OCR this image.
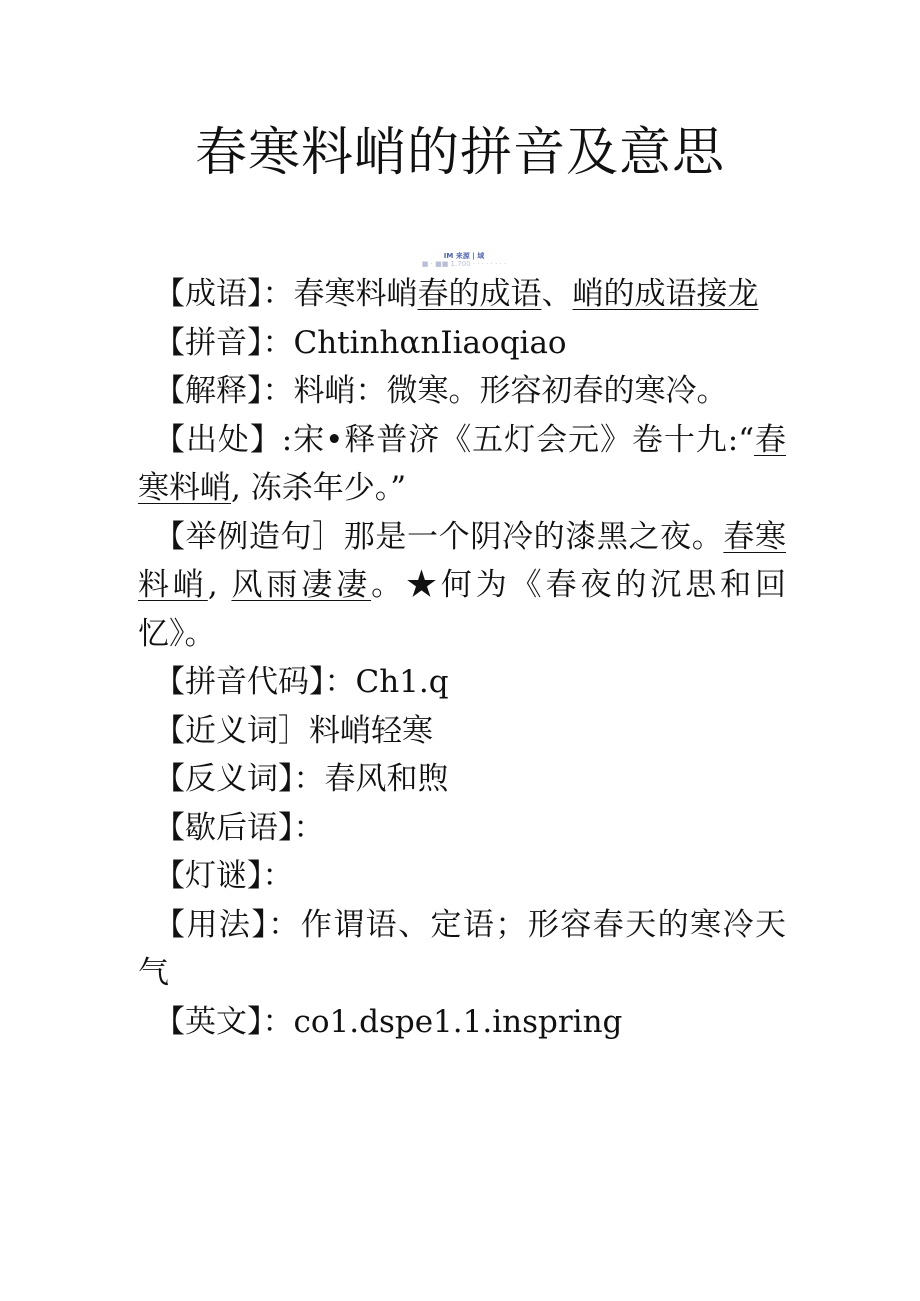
春寒料峭的拼音及意思
IM 来源 | 域
■ · ■■ 1.700 · · · · · · · ·

【成语】：春寒料峭春的成语、峭的成语接龙

【拼音】：ChtinhαnIiaoqiao

【解释】：料峭：微寒。形容初春的寒冷。

【出处】:宋•释普济《五灯会元》卷十九:“春寒料峭, 冻杀年少。”

【举例造句］那是一个阴冷的漆黑之夜。春寒料峭, 风雨凄凄。★何为《春夜的沉思和回忆》。

【拼音代码】：Ch1.q

【近义词］料峭轻寒

【反义词】：春风和煦

【歇后语】：

【灯谜】：

【用法】：作谓语、定语；形容春天的寒冷天气

【英文】：co1.dspe1.1.inspring
